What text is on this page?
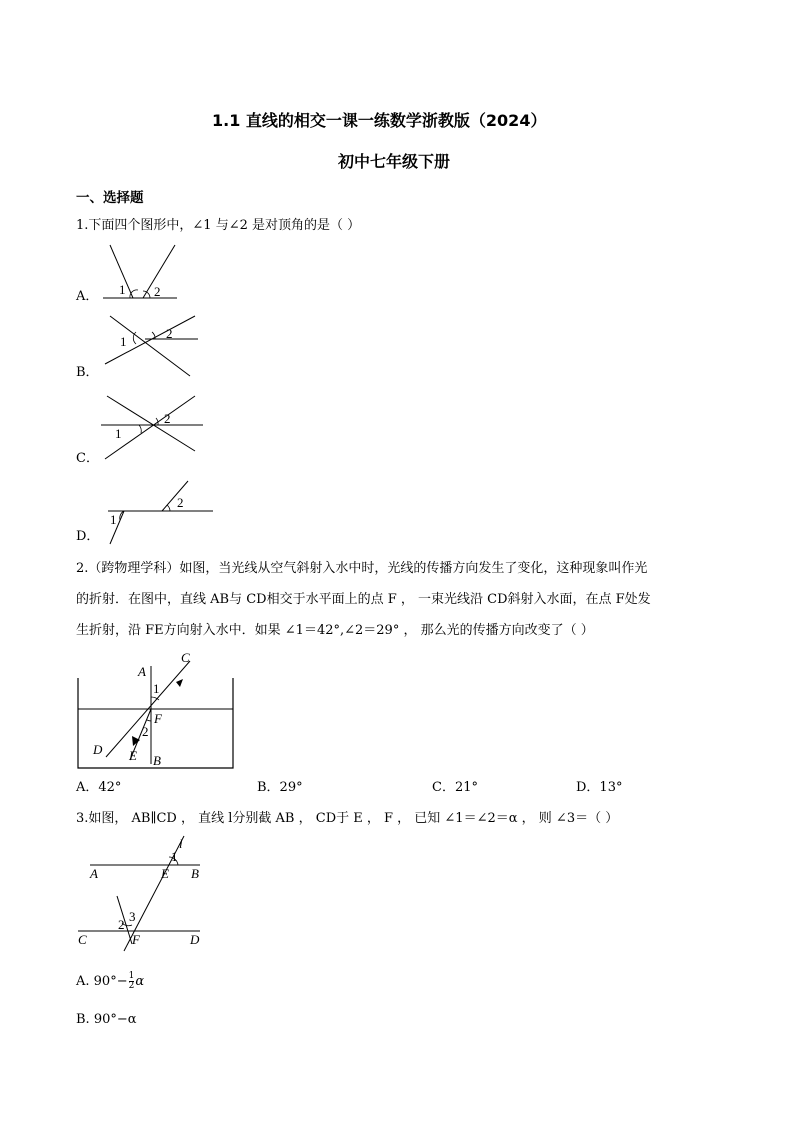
1.1 直线的相交一课一练数学浙教版（2024）
初中七年级下册
一、选择题
1.下面四个图形中，∠1 与∠2 是对顶角的是（ ）
A． 1 2
B．
1
2
C．
1
2
D．
1
2
2.（跨物理学科）如图，当光线从空气斜射入水中时，光线的传播方向发生了变化，这种现象叫作光
的折射．在图中，直线 AB与 CD相交于水平面上的点 F ， 一束光线沿 CD斜射入水面，在点 F处发
生折射，沿 FE方向射入水中．如果 ∠1＝42°,∠2＝29° ， 那么光的传播方向改变了（ ）
A
C
1
F
2
D E B
A．42°	B．29°	C．21°	D．13°
3.如图， AB∥CD ， 直线 l分别截 AB ， CD于 E ， F ， 已知 ∠1＝∠2＝α ， 则 ∠3＝（ ）
l
1
A	E B
3
2
C	F	D
A. $90^\circ- \frac{1}{2}$ α
B. 90°−α
